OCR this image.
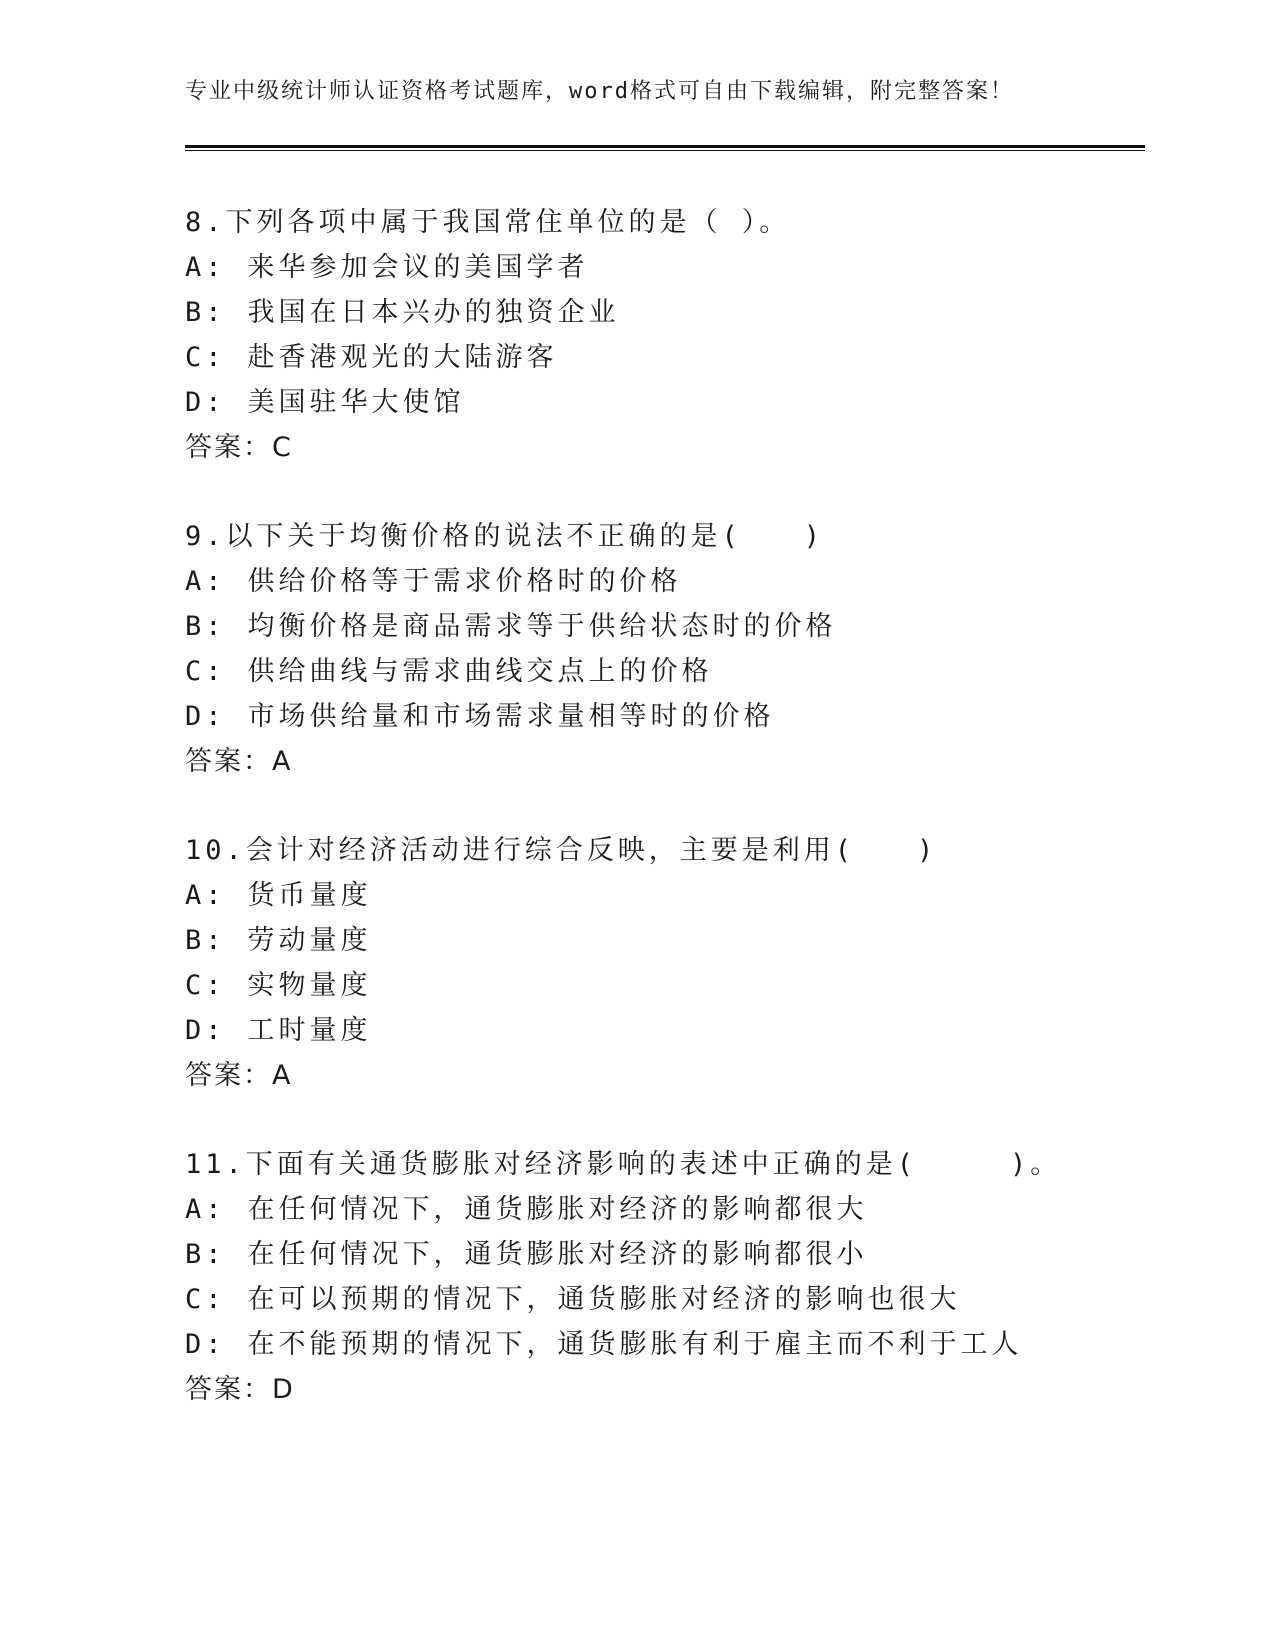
专业中级统计师认证资格考试题库，word格式可自由下载编辑，附完整答案！
8.下列各项中属于我国常住单位的是（ ）。
A: 来华参加会议的美国学者
B: 我国在日本兴办的独资企业
C: 赴香港观光的大陆游客
D: 美国驻华大使馆
答案：C
9.以下关于均衡价格的说法不正确的是(　　)
A: 供给价格等于需求价格时的价格
B: 均衡价格是商品需求等于供给状态时的价格
C: 供给曲线与需求曲线交点上的价格
D: 市场供给量和市场需求量相等时的价格
答案：A
10.会计对经济活动进行综合反映，主要是利用(　　)
A: 货币量度
B: 劳动量度
C: 实物量度
D: 工时量度
答案：A
11.下面有关通货膨胀对经济影响的表述中正确的是(　　　)。
A: 在任何情况下，通货膨胀对经济的影响都很大
B: 在任何情况下，通货膨胀对经济的影响都很小
C: 在可以预期的情况下，通货膨胀对经济的影响也很大
D: 在不能预期的情况下，通货膨胀有利于雇主而不利于工人
答案：D
